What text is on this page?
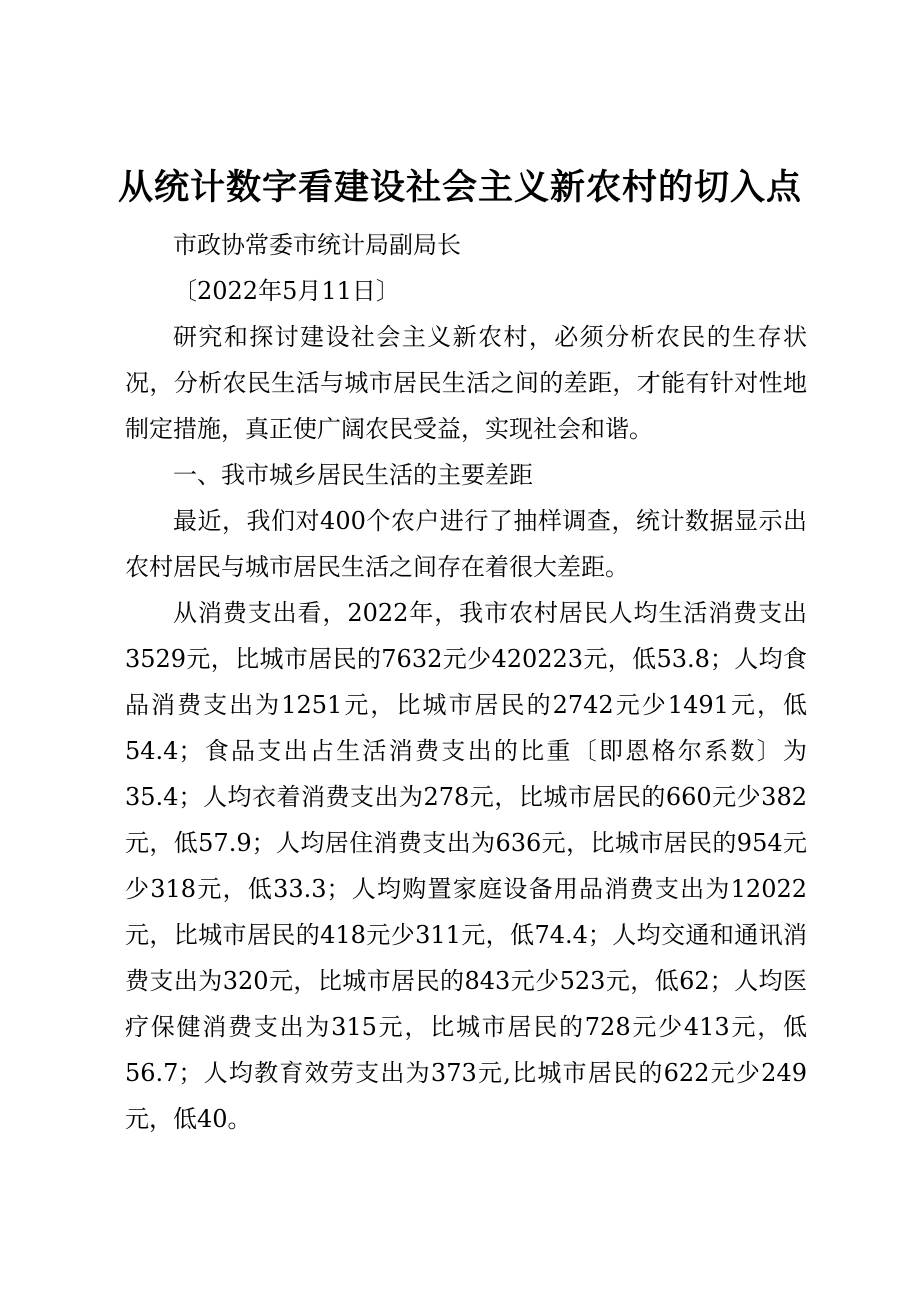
从统计数字看建设社会主义新农村的切入点

市政协常委市统计局副局长

〔2022年5月11日〕

研究和探讨建设社会主义新农村，必须分析农民的生存状况，分析农民生活与城市居民生活之间的差距，才能有针对性地制定措施，真正使广阔农民受益，实现社会和谐。

一、我市城乡居民生活的主要差距

最近，我们对400个农户进行了抽样调查，统计数据显示出农村居民与城市居民生活之间存在着很大差距。

从消费支出看，2022年，我市农村居民人均生活消费支出3529元，比城市居民的7632元少420223元，低53.8；人均食品消费支出为1251元，比城市居民的2742元少1491元，低54.4；食品支出占生活消费支出的比重〔即恩格尔系数〕为35.4；人均衣着消费支出为278元，比城市居民的660元少382元，低57.9；人均居住消费支出为636元，比城市居民的954元少318元，低33.3；人均购置家庭设备用品消费支出为12022元，比城市居民的418元少311元，低74.4；人均交通和通讯消费支出为320元，比城市居民的843元少523元，低62；人均医疗保健消费支出为315元，比城市居民的728元少413元，低56.7；人均教育效劳支出为373元,比城市居民的622元少249元，低40。
